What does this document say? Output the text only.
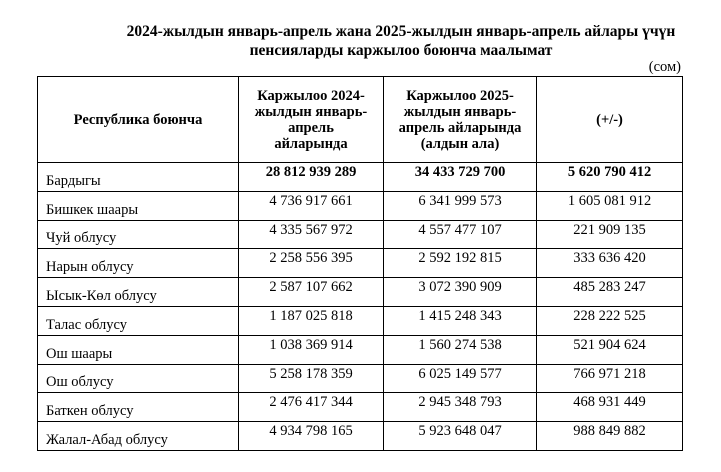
2024-жылдын январь-апрель жана 2025-жылдын январь-апрель айлары үчүн
пенсияларды каржылоо боюнча маалымат
(сом)
Республика боюнча	Каржылоо 2024-жылдын январь-апрель айларында	Каржылоо 2025-жылдын январь-апрель айларында (алдын ала)	(+/-)
Бардыгы	28 812 939 289	34 433 729 700	5 620 790 412
Бишкек шаары	4 736 917 661	6 341 999 573	1 605 081 912
Чуй облусу	4 335 567 972	4 557 477 107	221 909 135
Нарын облусу	2 258 556 395	2 592 192 815	333 636 420
Ысык-Көл облусу	2 587 107 662	3 072 390 909	485 283 247
Талас облусу	1 187 025 818	1 415 248 343	228 222 525
Ош шаары	1 038 369 914	1 560 274 538	521 904 624
Ош облусу	5 258 178 359	6 025 149 577	766 971 218
Баткен облусу	2 476 417 344	2 945 348 793	468 931 449
Жалал-Абад облусу	4 934 798 165	5 923 648 047	988 849 882
